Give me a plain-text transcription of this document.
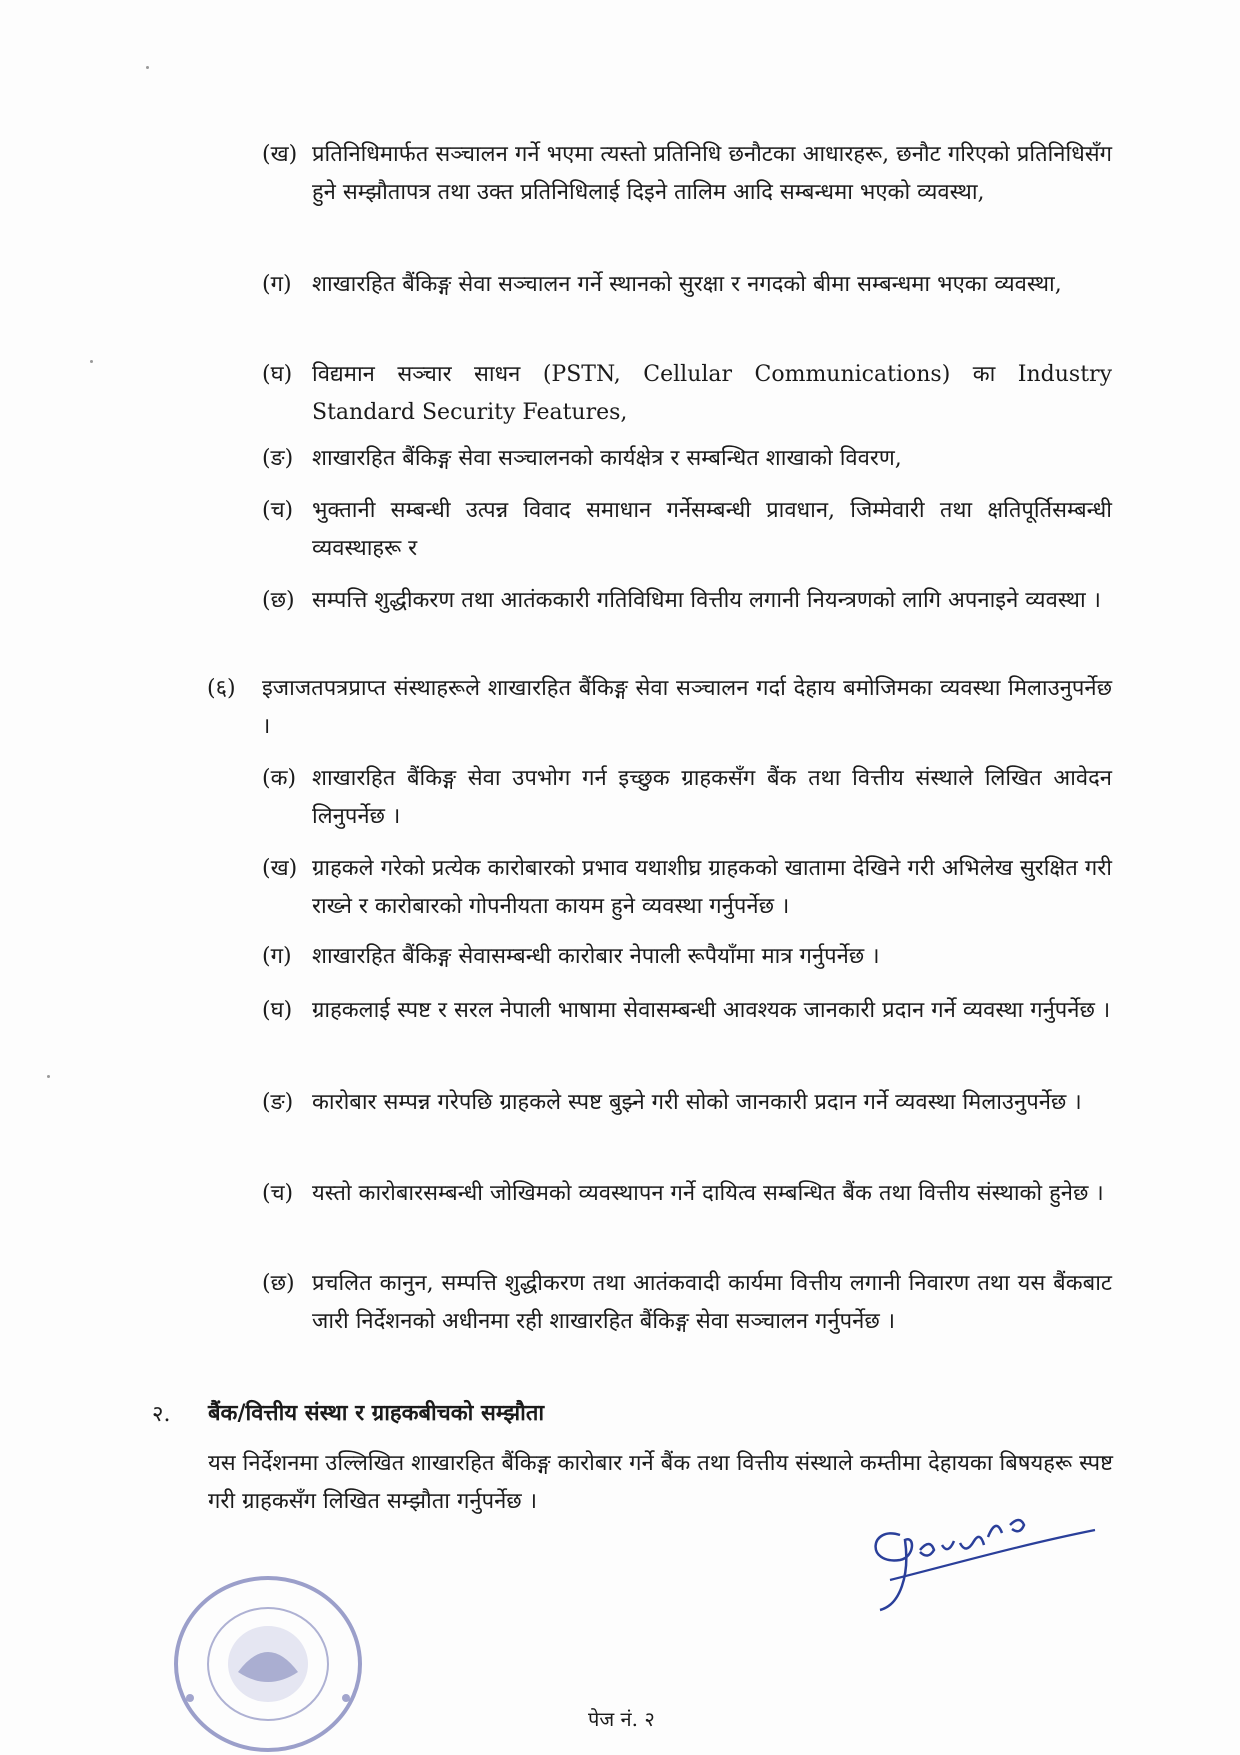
(ख) प्रतिनिधिमार्फत सञ्चालन गर्ने भएमा त्यस्तो प्रतिनिधि छनौटका आधारहरू, छनौट गरिएको प्रतिनिधिसँग हुने सम्झौतापत्र तथा उक्त प्रतिनिधिलाई दिइने तालिम आदि सम्बन्धमा भएको व्यवस्था,
(ग) शाखारहित बैंकिङ्ग सेवा सञ्चालन गर्ने स्थानको सुरक्षा र नगदको बीमा सम्बन्धमा भएका व्यवस्था,
(घ) विद्यमान सञ्चार साधन (PSTN, Cellular Communications) का Industry Standard Security Features,
(ङ) शाखारहित बैंकिङ्ग सेवा सञ्चालनको कार्यक्षेत्र र सम्बन्धित शाखाको विवरण,
(च) भुक्तानी सम्बन्धी उत्पन्न विवाद समाधान गर्नेसम्बन्धी प्रावधान, जिम्मेवारी तथा क्षतिपूर्तिसम्बन्धी व्यवस्थाहरू र
(छ) सम्पत्ति शुद्धीकरण तथा आतंककारी गतिविधिमा वित्तीय लगानी नियन्त्रणको लागि अपनाइने व्यवस्था ।
(६) इजाजतपत्रप्राप्त संस्थाहरूले शाखारहित बैंकिङ्ग सेवा सञ्चालन गर्दा देहाय बमोजिमका व्यवस्था मिलाउनुपर्नेछ ।
(क) शाखारहित बैंकिङ्ग सेवा उपभोग गर्न इच्छुक ग्राहकसँग बैंक तथा वित्तीय संस्थाले लिखित आवेदन लिनुपर्नेछ ।
(ख) ग्राहकले गरेको प्रत्येक कारोबारको प्रभाव यथाशीघ्र ग्राहकको खातामा देखिने गरी अभिलेख सुरक्षित गरी राख्ने र कारोबारको गोपनीयता कायम हुने व्यवस्था गर्नुपर्नेछ ।
(ग) शाखारहित बैंकिङ्ग सेवासम्बन्धी कारोबार नेपाली रूपैयाँमा मात्र गर्नुपर्नेछ ।
(घ) ग्राहकलाई स्पष्ट र सरल नेपाली भाषामा सेवासम्बन्धी आवश्यक जानकारी प्रदान गर्ने व्यवस्था गर्नुपर्नेछ ।
(ङ) कारोबार सम्पन्न गरेपछि ग्राहकले स्पष्ट बुझ्ने गरी सोको जानकारी प्रदान गर्ने व्यवस्था मिलाउनुपर्नेछ ।
(च) यस्तो कारोबारसम्बन्धी जोखिमको व्यवस्थापन गर्ने दायित्व सम्बन्धित बैंक तथा वित्तीय संस्थाको हुनेछ ।
(छ) प्रचलित कानुन, सम्पत्ति शुद्धीकरण तथा आतंकवादी कार्यमा वित्तीय लगानी निवारण तथा यस बैंकबाट जारी निर्देशनको अधीनमा रही शाखारहित बैंकिङ्ग सेवा सञ्चालन गर्नुपर्नेछ ।
२. बैंक/वित्तीय संस्था र ग्राहकबीचको सम्झौता
यस निर्देशनमा उल्लिखित शाखारहित बैंकिङ्ग कारोबार गर्ने बैंक तथा वित्तीय संस्थाले कम्तीमा देहायका बिषयहरू स्पष्ट गरी ग्राहकसँग लिखित सम्झौता गर्नुपर्नेछ ।
पेज नं. २
